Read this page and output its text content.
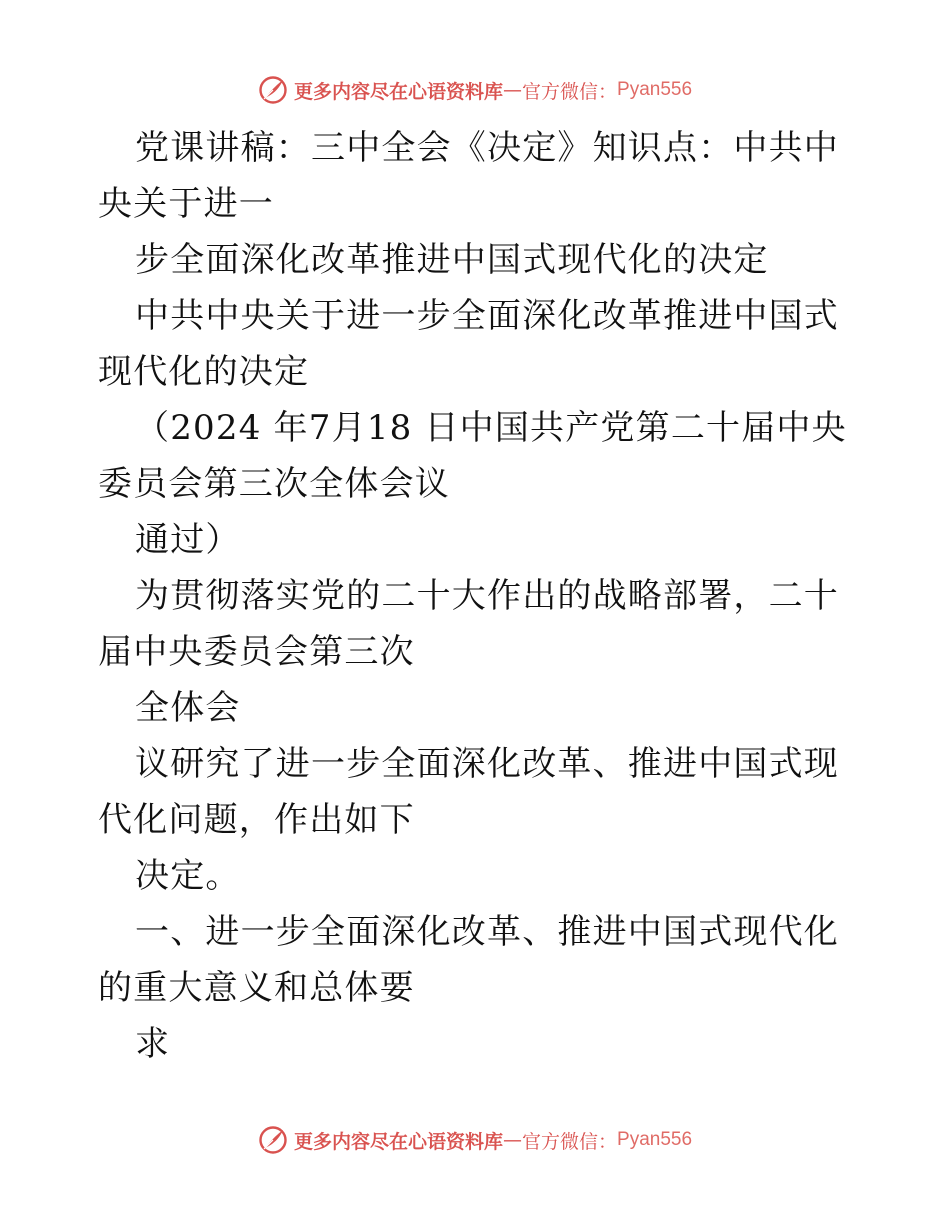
更多内容尽在心语资料库 — 官方微信 ： Pyan556

党课讲稿：三中全会《决定》知识点：中共中央关于进一

步全面深化改革推进中国式现代化的决定

中共中央关于进一步全面深化改革推进中国式现代化的决定

（2024 年7月18 日中国共产党第二十届中央委员会第三次全体会议

通过）

为贯彻落实党的二十大作出的战略部署，二十届中央委员会第三次

全体会

议研究了进一步全面深化改革、推进中国式现代化问题，作出如下

决定。

一、进一步全面深化改革、推进中国式现代化的重大意义和总体要

求

更多内容尽在心语资料库 — 官方微信 ： Pyan556
